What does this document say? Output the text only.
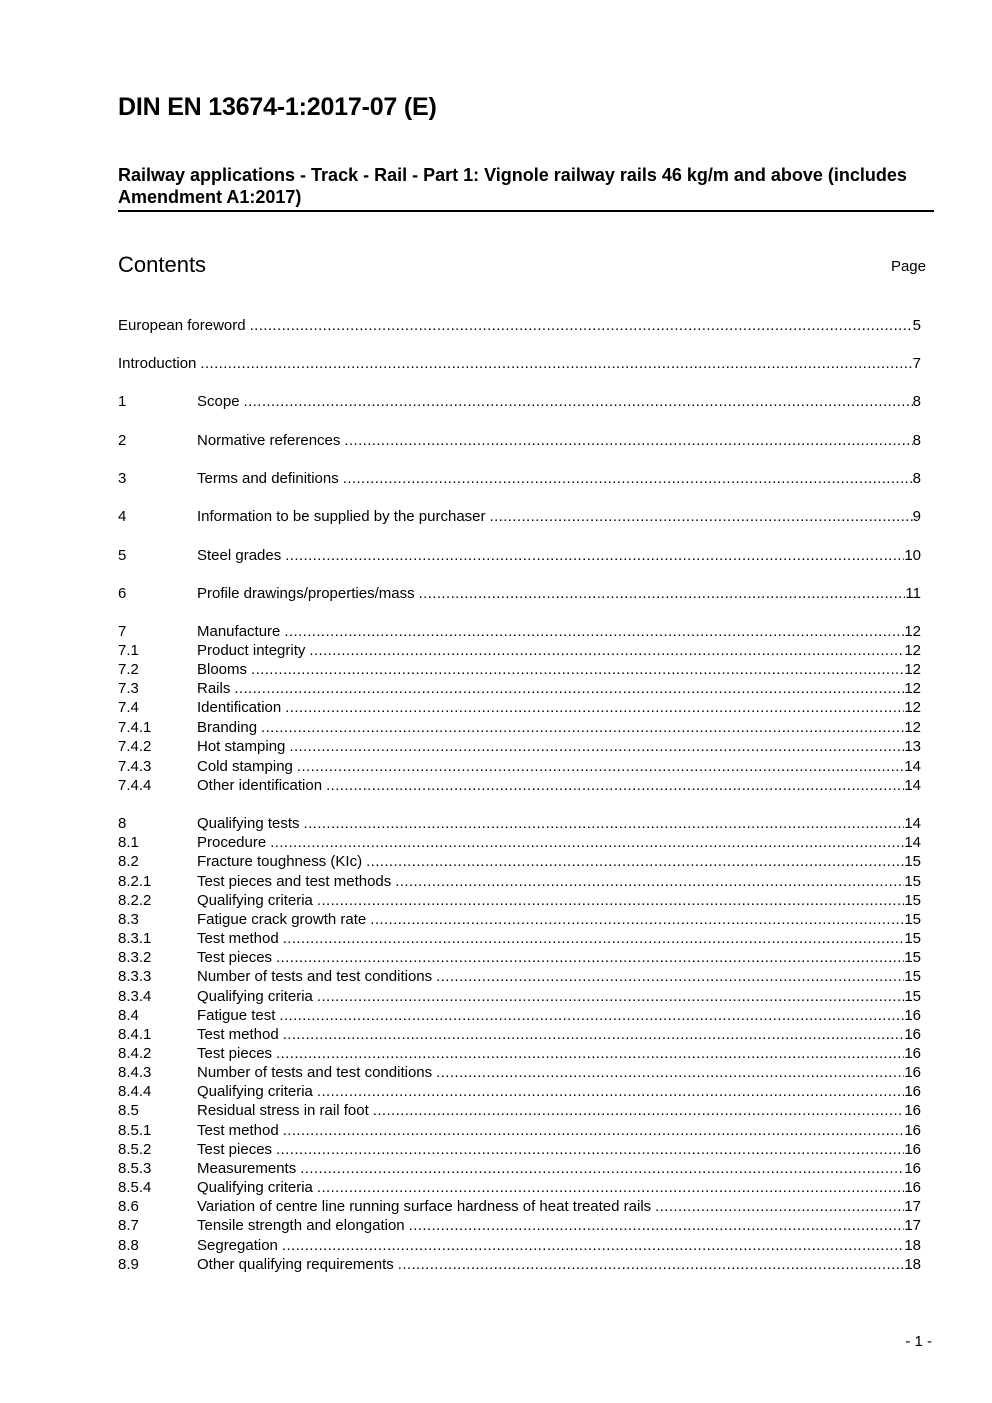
DIN EN 13674-1:2017-07 (E)
Railway applications - Track - Rail - Part 1: Vignole railway rails 46 kg/m and above (includes Amendment A1:2017)
Contents	Page
European foreword .....	5
Introduction .....	7
1	Scope .....	8
2	Normative references .....	8
3	Terms and definitions .....	8
4	Information to be supplied by the purchaser .....	9
5	Steel grades .....	10
6	Profile drawings/properties/mass .....	11
7	Manufacture .....	12
7.1	Product integrity .....	12
7.2	Blooms .....	12
7.3	Rails .....	12
7.4	Identification .....	12
7.4.1	Branding .....	12
7.4.2	Hot stamping .....	13
7.4.3	Cold stamping .....	14
7.4.4	Other identification .....	14
8	Qualifying tests .....	14
8.1	Procedure .....	14
8.2	Fracture toughness (KIc) .....	15
8.2.1	Test pieces and test methods .....	15
8.2.2	Qualifying criteria .....	15
8.3	Fatigue crack growth rate .....	15
8.3.1	Test method .....	15
8.3.2	Test pieces .....	15
8.3.3	Number of tests and test conditions .....	15
8.3.4	Qualifying criteria .....	15
8.4	Fatigue test .....	16
8.4.1	Test method .....	16
8.4.2	Test pieces .....	16
8.4.3	Number of tests and test conditions .....	16
8.4.4	Qualifying criteria .....	16
8.5	Residual stress in rail foot .....	16
8.5.1	Test method .....	16
8.5.2	Test pieces .....	16
8.5.3	Measurements .....	16
8.5.4	Qualifying criteria .....	16
8.6	Variation of centre line running surface hardness of heat treated rails .....	17
8.7	Tensile strength and elongation .....	17
8.8	Segregation .....	18
8.9	Other qualifying requirements .....	18
- 1 -
